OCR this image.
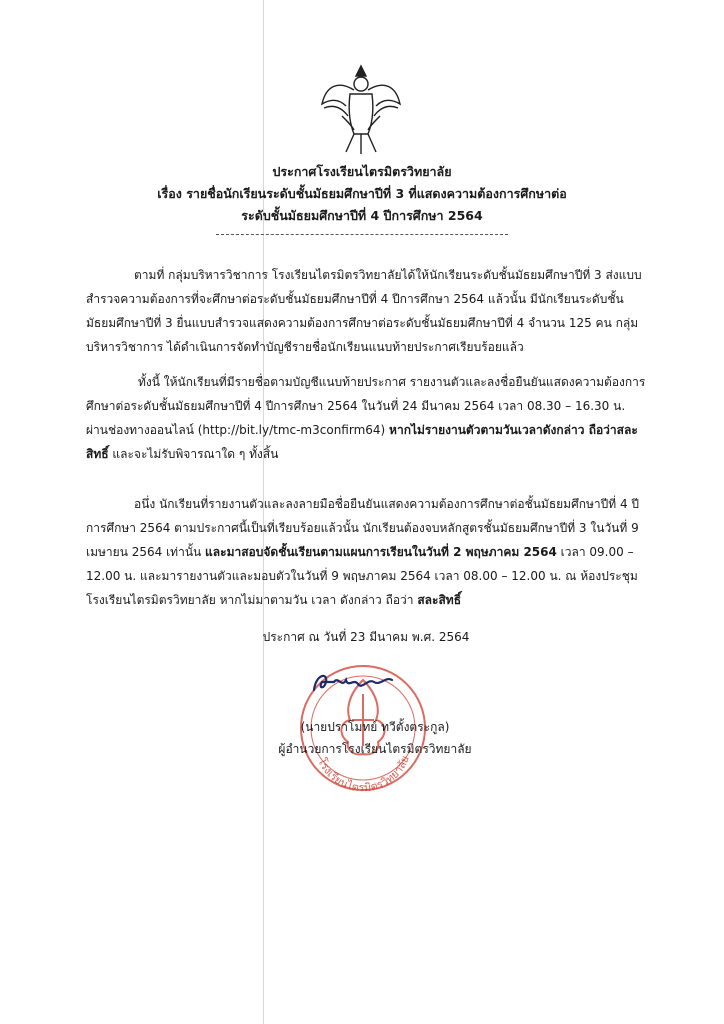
ประกาศโรงเรียนไตรมิตรวิทยาลัย
เรื่อง รายชื่อนักเรียนระดับชั้นมัธยมศึกษาปีที่ 3 ที่แสดงความต้องการศึกษาต่อ
ระดับชั้นมัธยมศึกษาปีที่ 4 ปีการศึกษา 2564

ตามที่ กลุ่มบริหารวิชาการ โรงเรียนไตรมิตรวิทยาลัยได้ให้นักเรียนระดับชั้นมัธยมศึกษาปีที่ 3 ส่งแบบสำรวจความต้องการที่จะศึกษาต่อระดับชั้นมัธยมศึกษาปีที่ 4 ปีการศึกษา 2564 แล้วนั้น มีนักเรียนระดับชั้นมัธยมศึกษาปีที่ 3 ยื่นแบบสำรวจแสดงความต้องการศึกษาต่อระดับชั้นมัธยมศึกษาปีที่ 4 จำนวน 125 คน กลุ่มบริหารวิชาการ ได้ดำเนินการจัดทำบัญชีรายชื่อนักเรียนแนบท้ายประกาศเรียบร้อยแล้ว

ทั้งนี้ ให้นักเรียนที่มีรายชื่อตามบัญชีแนบท้ายประกาศ รายงานตัวและลงชื่อยืนยันแสดงความต้องการศึกษาต่อระดับชั้นมัธยมศึกษาปีที่ 4 ปีการศึกษา 2564 ในวันที่ 24 มีนาคม 2564 เวลา 08.30 – 16.30 น. ผ่านช่องทางออนไลน์ (http://bit.ly/tmc-m3confirm64) หากไม่รายงานตัวตามวันเวลาดังกล่าว ถือว่าสละสิทธิ์ และจะไม่รับพิจารณาใด ๆ ทั้งสิ้น

อนึ่ง นักเรียนที่รายงานตัวและลงลายมือชื่อยืนยันแสดงความต้องการศึกษาต่อชั้นมัธยมศึกษาปีที่ 4 ปีการศึกษา 2564 ตามประกาศนี้เป็นที่เรียบร้อยแล้วนั้น นักเรียนต้องจบหลักสูตรชั้นมัธยมศึกษาปีที่ 3 ในวันที่ 9 เมษายน 2564 เท่านั้น และมาสอบจัดชั้นเรียนตามแผนการเรียนในวันที่ 2 พฤษภาคม 2564 เวลา 09.00 – 12.00 น. และมารายงานตัวและมอบตัวในวันที่ 9 พฤษภาคม 2564 เวลา 08.00 – 12.00 น. ณ ห้องประชุมโรงเรียนไตรมิตรวิทยาลัย หากไม่มาตามวัน เวลา ดังกล่าว ถือว่า สละสิทธิ์

ประกาศ ณ วันที่ 23 มีนาคม พ.ศ. 2564
โรงเรียนไตรมิตรวิทยาลัย
(นายปราโมทย์ ทวีตั้งตระกูล)
ผู้อำนวยการโรงเรียนไตรมิตรวิทยาลัย
